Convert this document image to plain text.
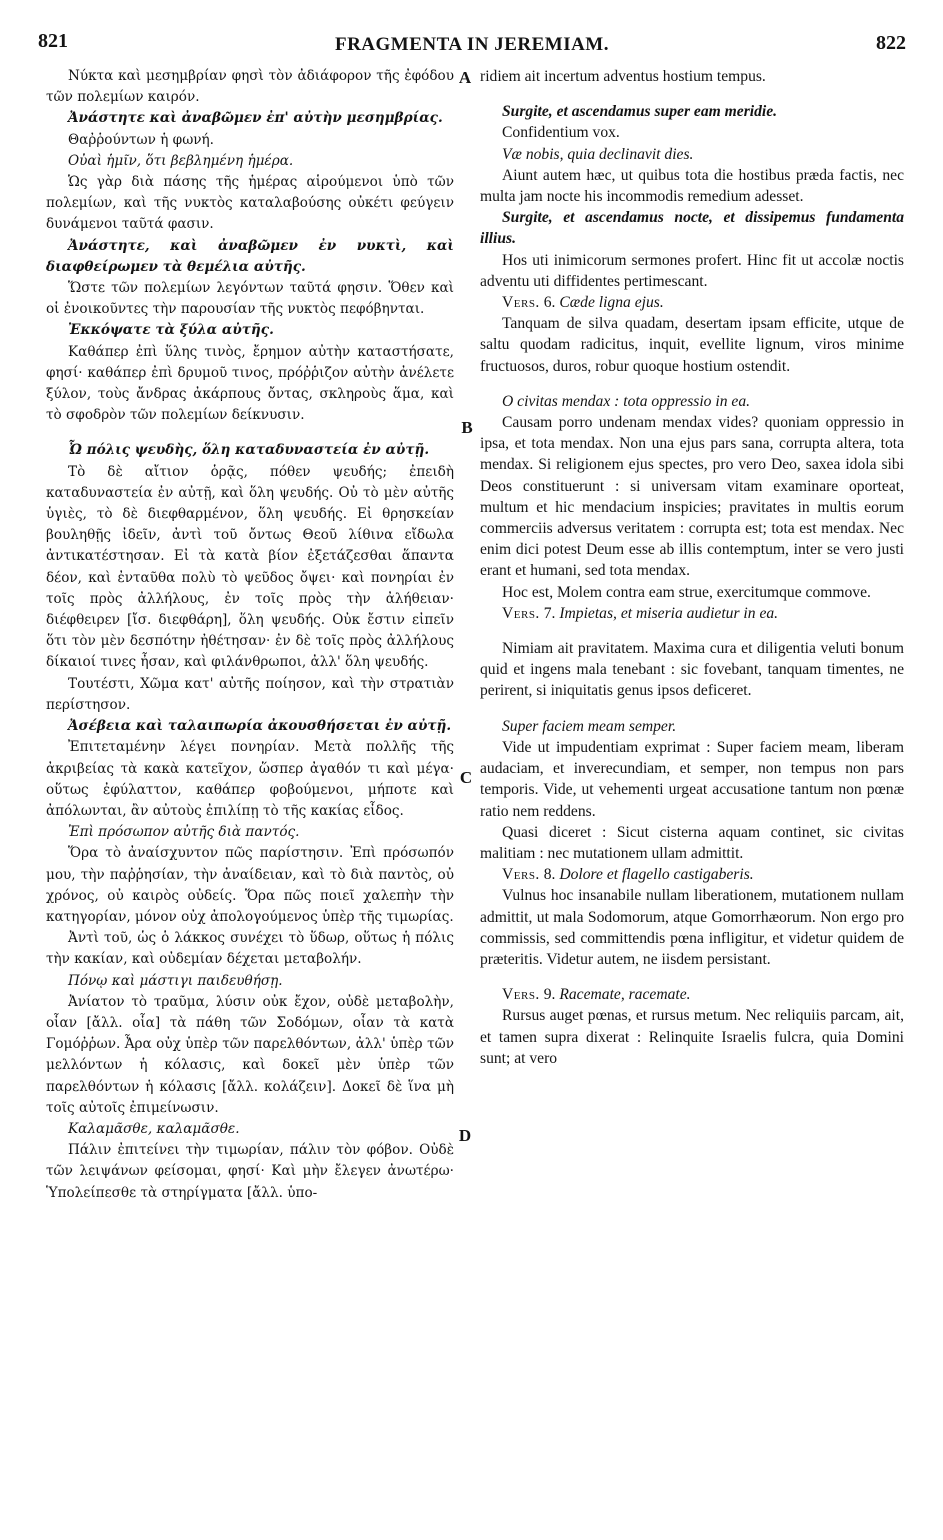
821	FRAGMENTA IN JEREMIAM.	822

Νύκτα καὶ μεσημβρίαν φησὶ τὸν ἀδιάφορον τῆς ἐφόδου τῶν πολεμίων καιρόν.

Ἀνάστητε καὶ ἀναβῶμεν ἐπ' αὐτὴν μεσημβρίας.

Θαῤῥούντων ἡ φωνή.

Οὐαὶ ἡμῖν, ὅτι βεβλημένη ἡμέρα.

Ὡς γὰρ διὰ πάσης τῆς ἡμέρας αἱρούμενοι ὑπὸ τῶν πολεμίων, καὶ τῆς νυκτὸς καταλαβούσης οὐκέτι φεύγειν δυνάμενοι ταῦτά φασιν.

Ἀνάστητε, καὶ ἀναβῶμεν ἐν νυκτὶ, καὶ διαφθείρωμεν τὰ θεμέλια αὐτῆς.

Ὥστε τῶν πολεμίων λεγόντων ταῦτά φησιν. Ὅθεν καὶ οἱ ἐνοικοῦντες τὴν παρουσίαν τῆς νυκτὸς πεφόβηνται.

Ἐκκόψατε τὰ ξύλα αὐτῆς.

Καθάπερ ἐπὶ ὕλης τινὸς, ἔρημον αὐτὴν καταστήσατε, φησί· καθάπερ ἐπὶ δρυμοῦ τινος, πρόῤῥιζον αὐτὴν ἀνέλετε ξύλον, τοὺς ἄνδρας ἀκάρπους ὄντας, σκληροὺς ἅμα, καὶ τὸ σφοδρὸν τῶν πολεμίων δείκνυσιν.

Ὦ πόλις ψευδὴς, ὅλη καταδυναστεία ἐν αὐτῇ.

Τὸ δὲ αἴτιον ὁρᾷς, πόθεν ψευδής; ἐπειδὴ καταδυναστεία ἐν αὐτῇ, καὶ ὅλη ψευδής. Οὐ τὸ μὲν αὐτῆς ὑγιὲς, τὸ δὲ διεφθαρμένον, ὅλη ψευδής. Εἰ θρησκείαν βουληθῇς ἰδεῖν, ἀντὶ τοῦ ὄντως Θεοῦ λίθινα εἴδωλα ἀντικατέστησαν. Εἰ τὰ κατὰ βίον ἐξετάζεσθαι ἅπαντα δέον, καὶ ἐνταῦθα πολὺ τὸ ψεῦδος ὄψει· καὶ πονηρίαι ἐν τοῖς πρὸς ἀλλήλους, ἐν τοῖς πρὸς τὴν ἀλήθειαν· διέφθειρεν [ἴσ. διεφθάρη], ὅλη ψευδής. Οὐκ ἔστιν εἰπεῖν ὅτι τὸν μὲν δεσπότην ἠθέτησαν· ἐν δὲ τοῖς πρὸς ἀλλήλους δίκαιοί τινες ἦσαν, καὶ φιλάνθρωποι, ἀλλ' ὅλη ψευδής.

Τουτέστι, Χῶμα κατ' αὐτῆς ποίησον, καὶ τὴν στρατιὰν περίστησον.

Ἀσέβεια καὶ ταλαιπωρία ἀκουσθήσεται ἐν αὐτῇ.

Ἐπιτεταμένην λέγει πονηρίαν. Μετὰ πολλῆς τῆς ἀκριβείας τὰ κακὰ κατεῖχον, ὥσπερ ἀγαθόν τι καὶ μέγα· οὕτως ἐφύλαττον, καθάπερ φοβούμενοι, μήποτε καὶ ἀπόλωνται, ἂν αὐτοὺς ἐπιλίπῃ τὸ τῆς κακίας εἶδος.

Ἐπὶ πρόσωπον αὐτῆς διὰ παντός.

Ὅρα τὸ ἀναίσχυντον πῶς παρίστησιν. Ἐπὶ πρόσωπόν μου, τὴν παῤῥησίαν, τὴν ἀναίδειαν, καὶ τὸ διὰ παντὸς, οὐ χρόνος, οὐ καιρὸς οὐδείς. Ὅρα πῶς ποιεῖ χαλεπὴν τὴν κατηγορίαν, μόνον οὐχ ἀπολογούμενος ὑπὲρ τῆς τιμωρίας.

Ἀντὶ τοῦ, ὡς ὁ λάκκος συνέχει τὸ ὕδωρ, οὕτως ἡ πόλις τὴν κακίαν, καὶ οὐδεμίαν δέχεται μεταβολήν.

Πόνῳ καὶ μάστιγι παιδευθήσῃ.

Ἀνίατον τὸ τραῦμα, λύσιν οὐκ ἔχον, οὐδὲ μεταβολὴν, οἷαν [ἄλλ. οἷα] τὰ πάθη τῶν Σοδόμων, οἷαν τὰ κατὰ Γομόῤῥων. Ἆρα οὐχ ὑπὲρ τῶν παρελθόντων, ἀλλ' ὑπὲρ τῶν μελλόντων ἡ κόλασις, καὶ δοκεῖ μὲν ὑπὲρ τῶν παρελθόντων ἡ κόλασις [ἄλλ. κολάζειν]. Δοκεῖ δὲ ἵνα μὴ τοῖς αὐτοῖς ἐπιμείνωσιν.

Καλαμᾶσθε, καλαμᾶσθε.

Πάλιν ἐπιτείνει τὴν τιμωρίαν, πάλιν τὸν φόβον. Οὐδὲ τῶν λειψάνων φείσομαι, φησί· Καὶ μὴν ἔλεγεν ἀνωτέρω· Ὑπολείπεσθε τὰ στηρίγματα [ἄλλ. ὑπο-

ridiem ait incertum adventus hostium tempus.

Surgite, et ascendamus super eam meridie.

Confidentium vox.

Væ nobis, quia declinavit dies.

Aiunt autem hæc, ut quibus tota die hostibus præda factis, nec multa jam nocte his incommodis remedium adesset.

Surgite, et ascendamus nocte, et dissipemus fundamenta illius.

Hos uti inimicorum sermones profert. Hinc fit ut accolæ noctis adventu uti diffidentes pertimescant.

Vers. 6. Cæde ligna ejus.

Tanquam de silva quadam, desertam ipsam efficite, utque de saltu quodam radicitus, inquit, evellite lignum, viros minime fructuosos, duros, robur quoque hostium ostendit.

O civitas mendax : tota oppressio in ea.

Causam porro undenam mendax vides? quoniam oppressio in ipsa, et tota mendax. Non una ejus pars sana, corrupta altera, tota mendax. Si religionem ejus spectes, pro vero Deo, saxea idola sibi Deos constituerunt : si universam vitam examinare oporteat, multum et hic mendacium inspicies; pravitates in multis eorum commerciis adversus veritatem : corrupta est; tota est mendax. Nec enim dici potest Deum esse ab illis contemptum, inter se vero justi erant et humani, sed tota mendax.

Hoc est, Molem contra eam strue, exercitumque commove.

Vers. 7. Impietas, et miseria audietur in ea.

Nimiam ait pravitatem. Maxima cura et diligentia veluti bonum quid et ingens mala tenebant : sic fovebant, tanquam timentes, ne perirent, si iniquitatis genus ipsos deficeret.

Super faciem meam semper.

Vide ut impudentiam exprimat : Super faciem meam, liberam audaciam, et inverecundiam, et semper, non tempus non pars temporis. Vide, ut vehementi urgeat accusatione tantum non pœnæ ratio nem reddens.

Quasi diceret : Sicut cisterna aquam continet, sic civitas malitiam : nec mutationem ullam admittit.

Vers. 8. Dolore et flagello castigaberis.

Vulnus hoc insanabile nullam liberationem, mutationem nullam admittit, ut mala Sodomorum, atque Gomorrhæorum. Non ergo pro commissis, sed committendis pœna infligitur, et videtur quidem de præteritis. Videtur autem, ne iisdem persistant.

Vers. 9. Racemate, racemate.

Rursus auget pœnas, et rursus metum. Nec reliquiis parcam, ait, et tamen supra dixerat : Relinquite Israelis fulcra, quia Domini sunt; at vero

A
B
C
D
